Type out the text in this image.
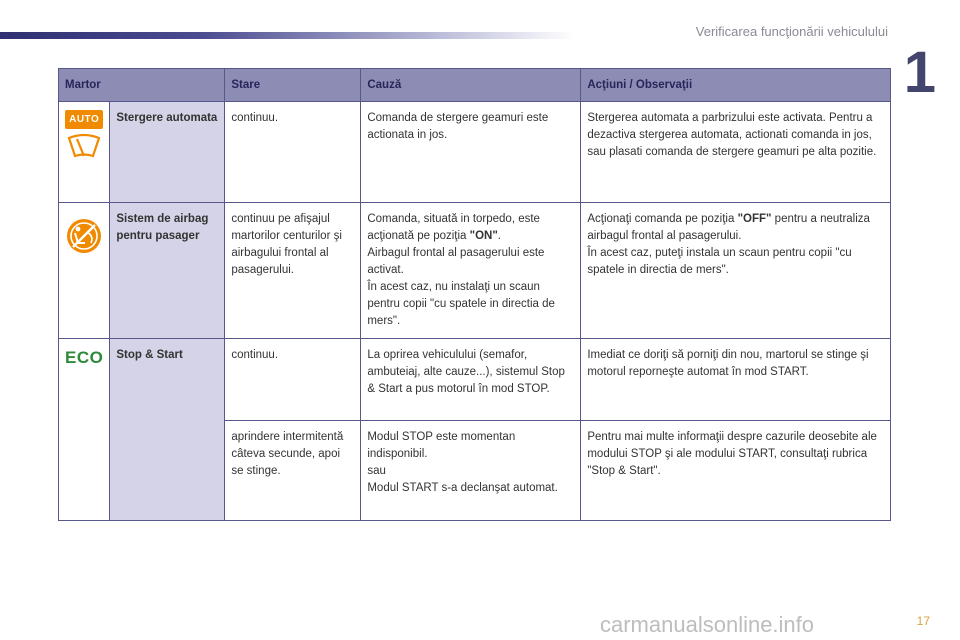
Verificarea funcţionării vehiculului
1
Martor		Stare	Cauză	Acţiuni / Observaţii

AUTO	Stergere automata	continuu.	Comanda de stergere geamuri este actionata in jos.	Stergerea automata a parbrizului este activata. Pentru a dezactiva stergerea automata, actionati comanda in jos, sau plasati comanda de stergere geamuri pe alta pozitie.

	Sistem de airbag pentru pasager	continuu pe afişajul martorilor centurilor şi airbagului frontal al pasagerului.	Comanda, situată in torpedo, este acţionată pe poziţia "ON".
Airbagul frontal al pasagerului este activat.
În acest caz, nu instalaţi un scaun pentru copii "cu spatele in directia de mers".	Acţionaţi comanda pe poziţia "OFF" pentru a neutraliza airbagul frontal al pasagerului.
În acest caz, puteţi instala un scaun pentru copii "cu spatele in directia de mers".

ECO	Stop & Start	continuu.	La oprirea vehiculului (semafor, ambuteiaj, alte cauze...), sistemul Stop & Start a pus motorul în mod STOP.	Imediat ce doriţi să porniţi din nou, martorul se stinge şi motorul reporneşte automat în mod START.
		aprindere intermitentă câteva secunde, apoi se stinge.	Modul STOP este momentan indisponibil.
sau
Modul START s-a declanşat automat.	Pentru mai multe informaţii despre cazurile deosebite ale modului STOP şi ale modului START, consultaţi rubrica "Stop & Start".
carmanualsonline.info	17
